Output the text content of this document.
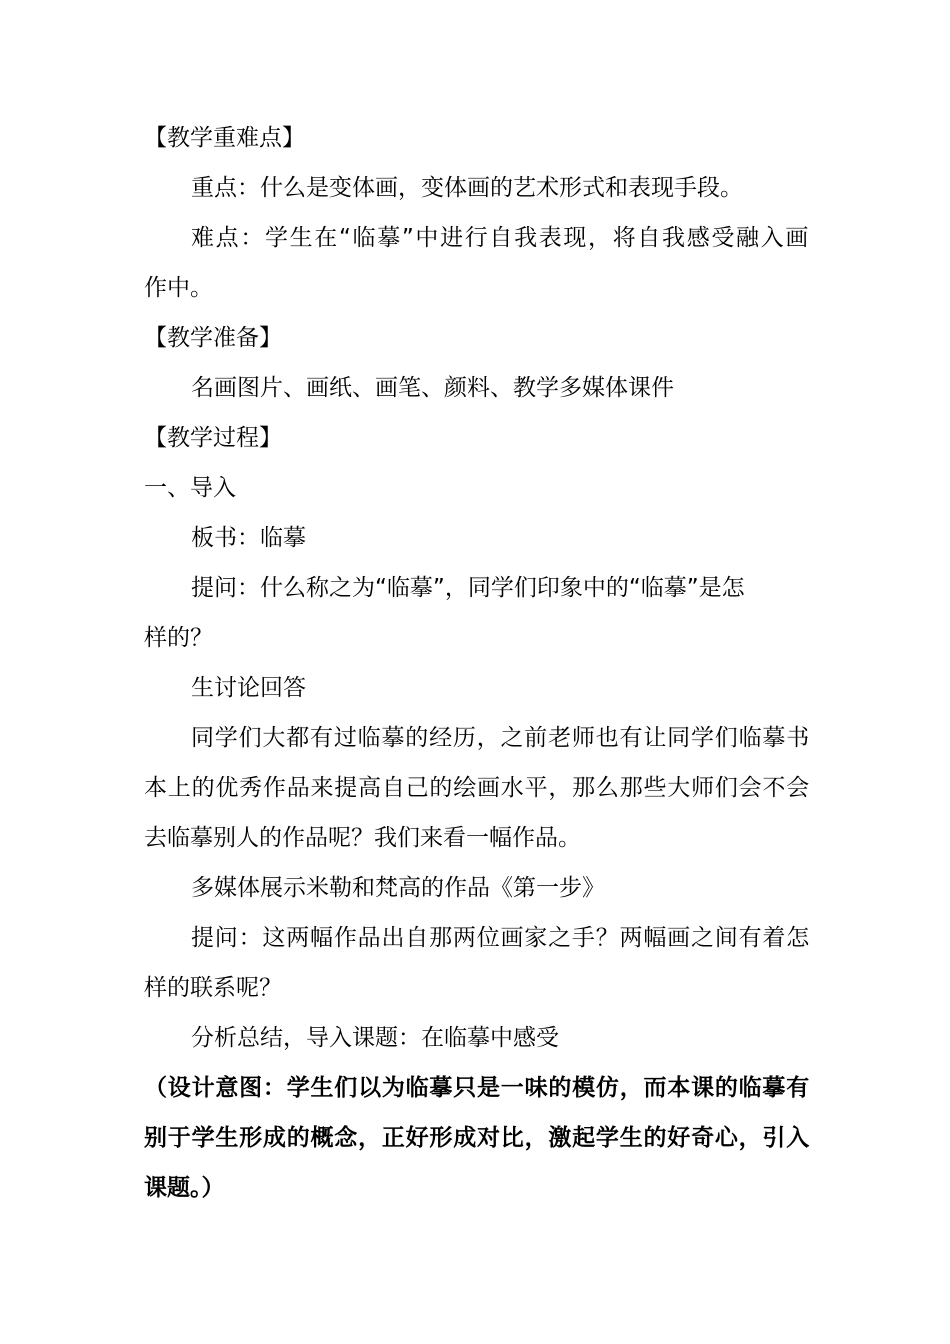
【教学重难点】
重点：什么是变体画，变体画的艺术形式和表现手段。
难点：学生在“临摹”中进行自我表现，将自我感受融入画
作中。
【教学准备】
名画图片、画纸、画笔、颜料、教学多媒体课件
【教学过程】
一、导入
板书：临摹
提问：什么称之为“临摹”，同学们印象中的“临摹”是怎
样的？
生讨论回答
同学们大都有过临摹的经历，之前老师也有让同学们临摹书
本上的优秀作品来提高自己的绘画水平，那么那些大师们会不会
去临摹别人的作品呢？我们来看一幅作品。
多媒体展示米勒和梵高的作品《第一步》
提问：这两幅作品出自那两位画家之手？两幅画之间有着怎
样的联系呢？
分析总结，导入课题：在临摹中感受
（设计意图：学生们以为临摹只是一味的模仿，而本课的临摹有
别于学生形成的概念，正好形成对比，激起学生的好奇心，引入
课题。）
